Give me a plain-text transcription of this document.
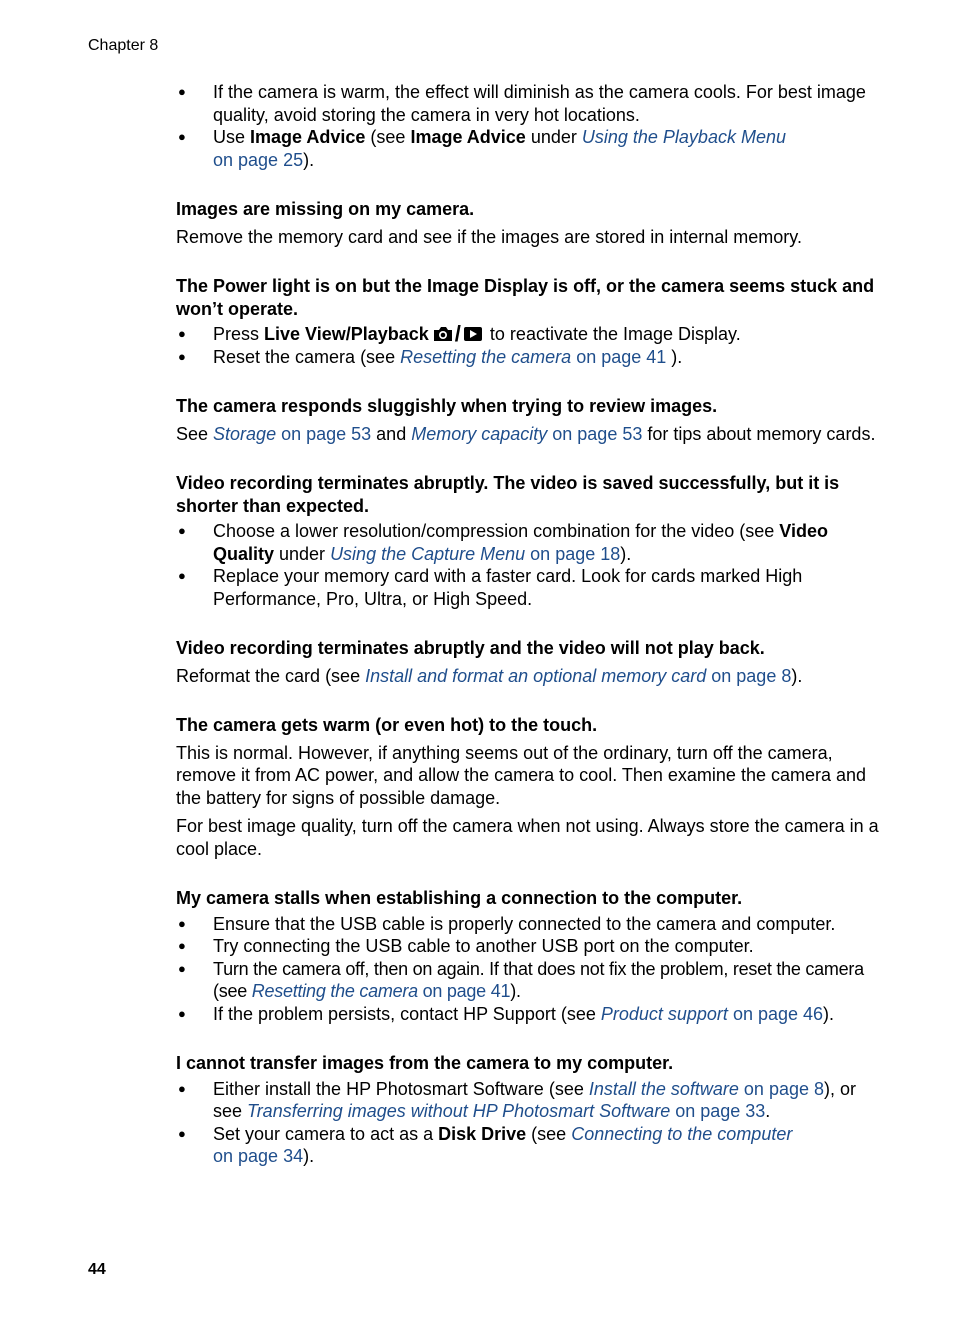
Chapter 8
● If the camera is warm, the effect will diminish as the camera cools. For best image quality, avoid storing the camera in very hot locations.
● Use Image Advice (see Image Advice under Using the Playback Menu
on page 25).

Images are missing on my camera.

Remove the memory card and see if the images are stored in internal memory.

The Power light is on but the Image Display is off, or the camera seems stuck and won’t operate.

● Press Live View/Playback / to reactivate the Image Display.
● Reset the camera (see Resetting the camera on page 41 ).

The camera responds sluggishly when trying to review images.

See Storage on page 53 and Memory capacity on page 53 for tips about memory cards.

Video recording terminates abruptly. The video is saved successfully, but it is shorter than expected.

● Choose a lower resolution/compression combination for the video (see Video Quality under Using the Capture Menu on page 18).
● Replace your memory card with a faster card. Look for cards marked High Performance, Pro, Ultra, or High Speed.

Video recording terminates abruptly and the video will not play back.

Reformat the card (see Install and format an optional memory card on page 8).

The camera gets warm (or even hot) to the touch.

This is normal. However, if anything seems out of the ordinary, turn off the camera, remove it from AC power, and allow the camera to cool. Then examine the camera and the battery for signs of possible damage.

For best image quality, turn off the camera when not using. Always store the camera in a cool place.

My camera stalls when establishing a connection to the computer.

● Ensure that the USB cable is properly connected to the camera and computer.
● Try connecting the USB cable to another USB port on the computer.
● Turn the camera off, then on again. If that does not fix the problem, reset the camera (see Resetting the camera on page 41).
● If the problem persists, contact HP Support (see Product support on page 46).

I cannot transfer images from the camera to my computer.

● Either install the HP Photosmart Software (see Install the software on page 8), or see Transferring images without HP Photosmart Software on page 33.
● Set your camera to act as a Disk Drive (see Connecting to the computer
on page 34).
44
